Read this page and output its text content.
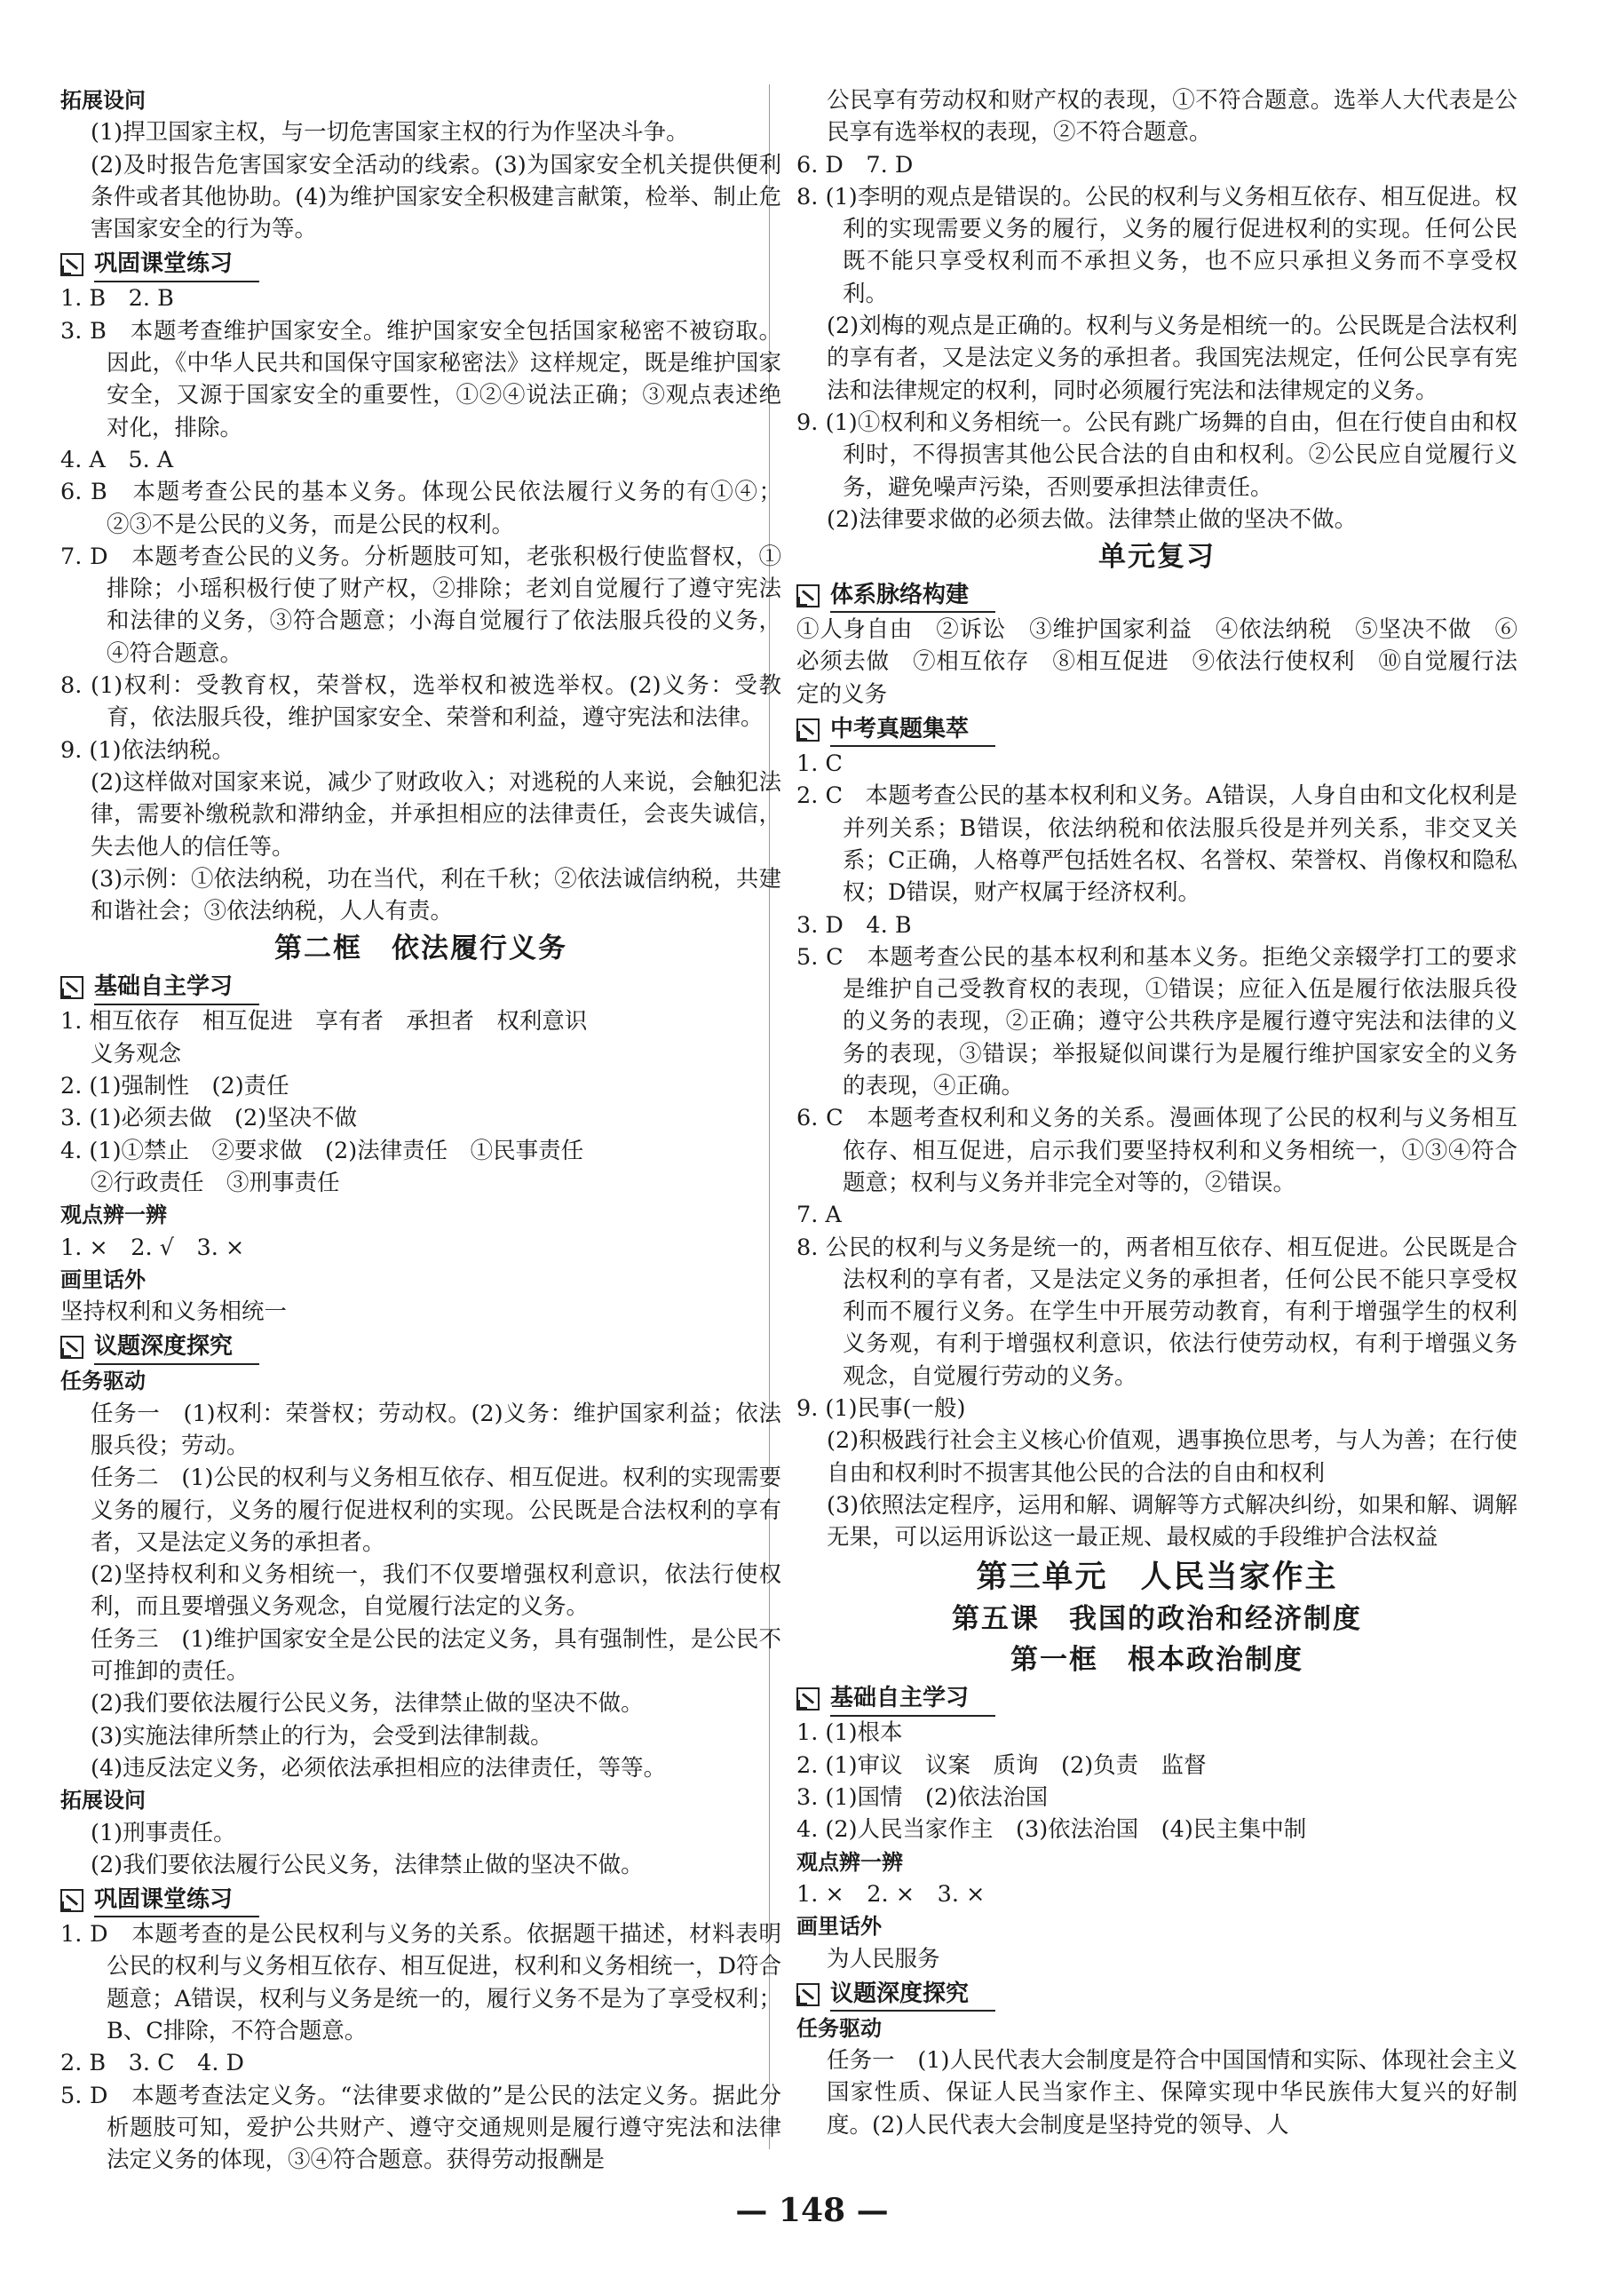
拓展设问
(1)捍卫国家主权，与一切危害国家主权的行为作坚决斗争。
(2)及时报告危害国家安全活动的线索。(3)为国家安全机关提供便利条件或者其他协助。(4)为维护国家安全积极建言献策，检举、制止危害国家安全的行为等。
巩固课堂练习
1. B　2. B
3. B　本题考查维护国家安全。维护国家安全包括国家秘密不被窃取。因此，《中华人民共和国保守国家秘密法》这样规定，既是维护国家安全，又源于国家安全的重要性，①②④说法正确；③观点表述绝对化，排除。
4. A　5. A
6. B　本题考查公民的基本义务。体现公民依法履行义务的有①④；②③不是公民的义务，而是公民的权利。
7. D　本题考查公民的义务。分析题肢可知，老张积极行使监督权，①排除；小瑶积极行使了财产权，②排除；老刘自觉履行了遵守宪法和法律的义务，③符合题意；小海自觉履行了依法服兵役的义务，④符合题意。
8. (1)权利：受教育权，荣誉权，选举权和被选举权。(2)义务：受教育，依法服兵役，维护国家安全、荣誉和利益，遵守宪法和法律。
9. (1)依法纳税。
(2)这样做对国家来说，减少了财政收入；对逃税的人来说，会触犯法律，需要补缴税款和滞纳金，并承担相应的法律责任，会丧失诚信，失去他人的信任等。
(3)示例：①依法纳税，功在当代，利在千秋；②依法诚信纳税，共建和谐社会；③依法纳税，人人有责。
第二框　依法履行义务
基础自主学习
1. 相互依存　相互促进　享有者　承担者　权利意识
义务观念
2. (1)强制性　(2)责任
3. (1)必须去做　(2)坚决不做
4. (1)①禁止　②要求做　(2)法律责任　①民事责任
②行政责任　③刑事责任
观点辨一辨
1. ×　2. √　3. ×
画里话外
坚持权利和义务相统一
议题深度探究
任务驱动
任务一　(1)权利：荣誉权；劳动权。(2)义务：维护国家利益；依法服兵役；劳动。
任务二　(1)公民的权利与义务相互依存、相互促进。权利的实现需要义务的履行，义务的履行促进权利的实现。公民既是合法权利的享有者，又是法定义务的承担者。
(2)坚持权利和义务相统一，我们不仅要增强权利意识，依法行使权利，而且要增强义务观念，自觉履行法定的义务。
任务三　(1)维护国家安全是公民的法定义务，具有强制性，是公民不可推卸的责任。
(2)我们要依法履行公民义务，法律禁止做的坚决不做。
(3)实施法律所禁止的行为，会受到法律制裁。
(4)违反法定义务，必须依法承担相应的法律责任，等等。
拓展设问
(1)刑事责任。
(2)我们要依法履行公民义务，法律禁止做的坚决不做。
巩固课堂练习
1. D　本题考查的是公民权利与义务的关系。依据题干描述，材料表明公民的权利与义务相互依存、相互促进，权利和义务相统一，D符合题意；A错误，权利与义务是统一的，履行义务不是为了享受权利；B、C排除，不符合题意。
2. B　3. C　4. D
5. D　本题考查法定义务。“法律要求做的”是公民的法定义务。据此分析题肢可知，爱护公共财产、遵守交通规则是履行遵守宪法和法律法定义务的体现，③④符合题意。获得劳动报酬是
公民享有劳动权和财产权的表现，①不符合题意。选举人大代表是公民享有选举权的表现，②不符合题意。
6. D　7. D
8. (1)李明的观点是错误的。公民的权利与义务相互依存、相互促进。权利的实现需要义务的履行，义务的履行促进权利的实现。任何公民既不能只享受权利而不承担义务，也不应只承担义务而不享受权利。
(2)刘梅的观点是正确的。权利与义务是相统一的。公民既是合法权利的享有者，又是法定义务的承担者。我国宪法规定，任何公民享有宪法和法律规定的权利，同时必须履行宪法和法律规定的义务。
9. (1)①权利和义务相统一。公民有跳广场舞的自由，但在行使自由和权利时，不得损害其他公民合法的自由和权利。②公民应自觉履行义务，避免噪声污染，否则要承担法律责任。
(2)法律要求做的必须去做。法律禁止做的坚决不做。
单元复习
体系脉络构建
①人身自由　②诉讼　③维护国家利益　④依法纳税　⑤坚决不做　⑥必须去做　⑦相互依存　⑧相互促进　⑨依法行使权利　⑩自觉履行法定的义务
中考真题集萃
1. C
2. C　本题考查公民的基本权利和义务。A错误，人身自由和文化权利是并列关系；B错误，依法纳税和依法服兵役是并列关系，非交叉关系；C正确，人格尊严包括姓名权、名誉权、荣誉权、肖像权和隐私权；D错误，财产权属于经济权利。
3. D　4. B
5. C　本题考查公民的基本权利和基本义务。拒绝父亲辍学打工的要求是维护自己受教育权的表现，①错误；应征入伍是履行依法服兵役的义务的表现，②正确；遵守公共秩序是履行遵守宪法和法律的义务的表现，③错误；举报疑似间谍行为是履行维护国家安全的义务的表现，④正确。
6. C　本题考查权利和义务的关系。漫画体现了公民的权利与义务相互依存、相互促进，启示我们要坚持权利和义务相统一，①③④符合题意；权利与义务并非完全对等的，②错误。
7. A
8. 公民的权利与义务是统一的，两者相互依存、相互促进。公民既是合法权利的享有者，又是法定义务的承担者，任何公民不能只享受权利而不履行义务。在学生中开展劳动教育，有利于增强学生的权利义务观，有利于增强权利意识，依法行使劳动权，有利于增强义务观念，自觉履行劳动的义务。
9. (1)民事(一般)
(2)积极践行社会主义核心价值观，遇事换位思考，与人为善；在行使自由和权利时不损害其他公民的合法的自由和权利
(3)依照法定程序，运用和解、调解等方式解决纠纷，如果和解、调解无果，可以运用诉讼这一最正规、最权威的手段维护合法权益
第三单元　人民当家作主
第五课　我国的政治和经济制度
第一框　根本政治制度
基础自主学习
1. (1)根本
2. (1)审议　议案　质询　(2)负责　监督
3. (1)国情　(2)依法治国
4. (2)人民当家作主　(3)依法治国　(4)民主集中制
观点辨一辨
1. ×　2. ×　3. ×
画里话外
为人民服务
议题深度探究
任务驱动
任务一　(1)人民代表大会制度是符合中国国情和实际、体现社会主义国家性质、保证人民当家作主、保障实现中华民族伟大复兴的好制度。(2)人民代表大会制度是坚持党的领导、人
— 148 —
